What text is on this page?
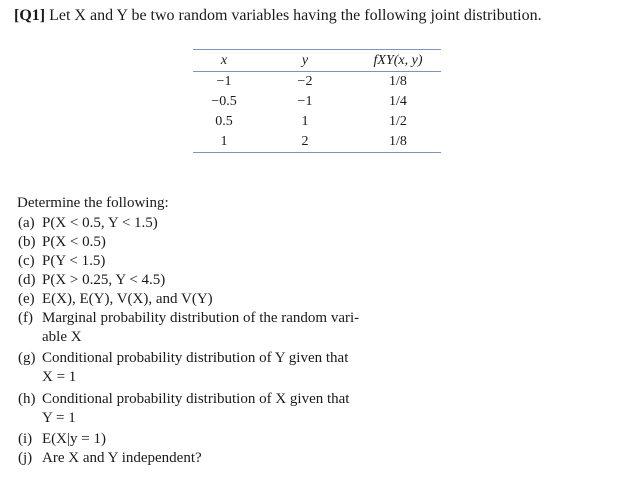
[Q1] Let X and Y be two random variables having the following joint distribution.
x	y	fXY(x, y)
−1	−2	1/8
−0.5	−1	1/4
0.5	1	1/2
1	2	1/8
Determine the following:
(a) P(X < 0.5, Y < 1.5)
(b) P(X < 0.5)
(c) P(Y < 1.5)
(d) P(X > 0.25, Y < 4.5)
(e) E(X), E(Y), V(X), and V(Y)
(f) Marginal probability distribution of the random vari-
able X
(g) Conditional probability distribution of Y given that
X = 1
(h) Conditional probability distribution of X given that
Y = 1
(i) E(X|y = 1)
(j) Are X and Y independent?
